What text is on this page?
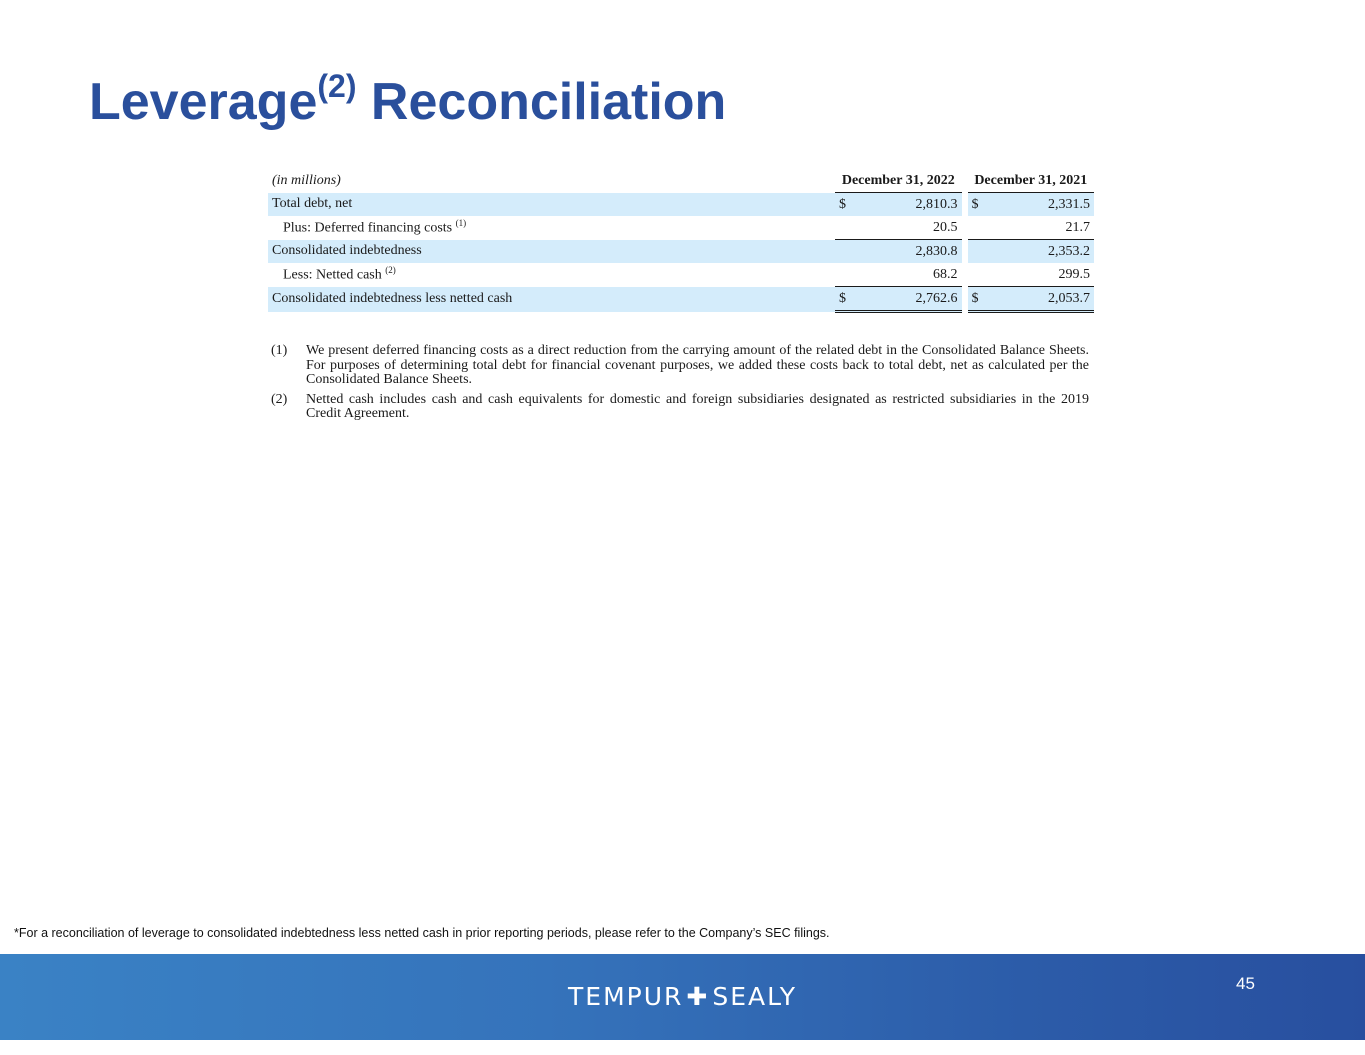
Leverage$^{(2)}$ Reconciliation
(in millions)	December 31, 2022			December 31, 2021	
Total debt, net	$	2,810.3		$	2,331.5
Plus: Deferred financing costs $^{(1)}$		20.5			21.7
Consolidated indebtedness		2,830.8			2,353.2
Less: Netted cash $^{(2)}$		68.2			299.5
Consolidated indebtedness less netted cash	$	2,762.6		$	2,053.7
(1)	We present deferred financing costs as a direct reduction from the carrying amount of the related debt in the Consolidated Balance Sheets. For purposes of determining total debt for financial covenant purposes, we added these costs back to total debt, net as calculated per the Consolidated Balance Sheets.
(2)	Netted cash includes cash and cash equivalents for domestic and foreign subsidiaries designated as restricted subsidiaries in the 2019 Credit Agreement.
*For a reconciliation of leverage to consolidated indebtedness less netted cash in prior reporting periods, please refer to the Company’s SEC filings.
TEMPUR ✚ SEALY	45
